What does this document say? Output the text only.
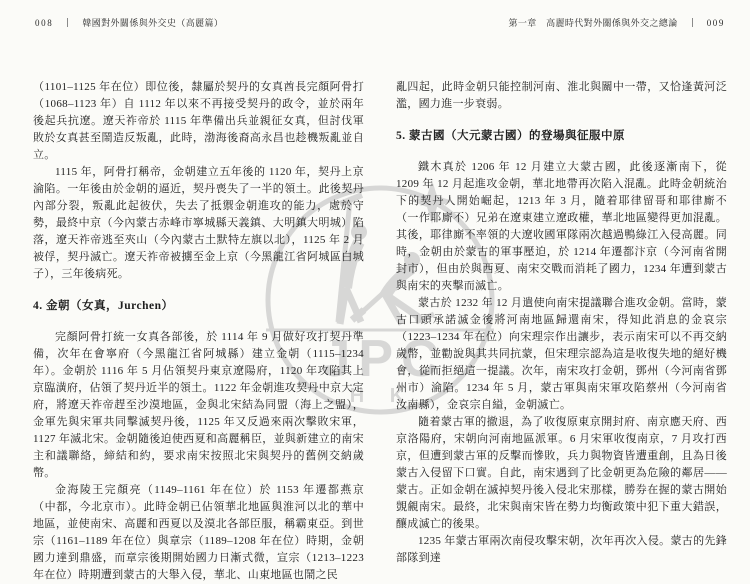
JPC
H K
008	韓國對外關係與外交史（高麗篇）	第一章　高麗時代對外關係與外交之總論	009

（1101–1125 年在位）即位後，隸屬於契丹的女真酋長完顏阿骨打（1068–1123 年）自 1112 年以來不再接受契丹的政令，並於兩年後起兵抗遼。遼天祚帝於 1115 年準備出兵並親征女真，但討伐軍敗於女真甚至鬧造反叛亂，此時，渤海後裔高永昌也趁機叛亂並自立。

1115 年，阿骨打稱帝，金朝建立五年後的 1120 年，契丹上京淪陷。一年後由於金朝的逼近，契丹喪失了一半的領土。此後契丹內部分裂，叛亂此起彼伏，失去了抵禦金朝進攻的能力，處於守勢，最終中京（今內蒙古赤峰市寧城縣天義鎮、大明鎮大明城）陷落，遼天祚帝逃至夾山（今內蒙古土默特左旗以北），1125 年 2 月被俘，契丹滅亡。遼天祚帝被擄至金上京（今黑龍江省阿城區白城子），三年後病死。

4. 金朝（女真，Jurchen）

完顏阿骨打統一女真各部後，於 1114 年 9 月做好攻打契丹準備，次年在會寧府（今黑龍江省阿城縣）建立金朝（1115–1234 年）。金朝於 1116 年 5 月佔領契丹東京遼陽府，1120 年攻陷其上京臨潢府，佔領了契丹近半的領土。1122 年金朝進攻契丹中京大定府，將遼天祚帝趕至沙漠地區，金與北宋結為同盟（海上之盟），金軍先與宋軍共同擊滅契丹後，1125 年又反過來兩次擊敗宋軍，1127 年滅北宋。金朝隨後迫使西夏和高麗稱臣，並與新建立的南宋主和議聯絡，締結和約，要求南宋按照北宋與契丹的舊例交納歲幣。

金海陵王完顏亮（1149–1161 年在位）於 1153 年遷都燕京（中都，今北京市）。此時金朝已佔領華北地區與淮河以北的華中地區，並使南宋、高麗和西夏以及漠北各部臣服，稱霸東亞。到世宗（1161–1189 年在位）與章宗（1189–1208 年在位）時期，金朝國力達到鼎盛，而章宗後期開始國力日漸式微，宣宗（1213–1223 年在位）時期遭到蒙古的大舉入侵，華北、山東地區也鬧之民

亂四起，此時金朝只能控制河南、淮北與關中一帶，又恰逢黃河泛濫，國力進一步衰弱。

5. 蒙古國（大元蒙古國）的登場與征服中原

鐵木真於 1206 年 12 月建立大蒙古國，此後逐漸南下，從 1209 年 12 月起進攻金朝，華北地帶再次陷入混亂。此時金朝統治下的契丹人開始崛起，1213 年 3 月，隨着耶律留哥和耶律廝不（一作耶廝不）兄弟在遼東建立遼政權，華北地區變得更加混亂。其後，耶律廝不率領的大遼收國軍隊兩次越過鴨綠江入侵高麗。同時，金朝由於蒙古的軍事壓迫，於 1214 年遷都汴京（今河南省開封市），但由於與西夏、南宋交戰而消耗了國力，1234 年遭到蒙古與南宋的夾擊而滅亡。

蒙古於 1232 年 12 月遣使向南宋提議聯合進攻金朝。當時，蒙古口頭承諾滅金後將河南地區歸還南宋，得知此消息的金哀宗（1223–1234 年在位）向宋理宗作出讓步，表示南宋可以不再交納歲幣，並勸說與其共同抗蒙，但宋理宗認為這是收復失地的絕好機會，從而拒絕這一提議。次年，南宋攻打金朝，鄧州（今河南省鄧州市）淪陷。1234 年 5 月，蒙古軍與南宋軍攻陷蔡州（今河南省汝南縣），金哀宗自縊，金朝滅亡。

隨着蒙古軍的撤退，為了收復原東京開封府、南京應天府、西京洛陽府，宋朝向河南地區派軍。6 月宋軍收復南京，7 月攻打西京，但遭到蒙古軍的反擊而慘敗，兵力與物資皆遭重創，且為日後蒙古入侵留下口實。自此，南宋遇到了比金朝更為危險的鄰居——蒙古。正如金朝在滅掉契丹後入侵北宋那樣，勝券在握的蒙古開始覬覦南宋。最終，北宋與南宋皆在勢力均衡政策中犯下重大錯誤，釀成滅亡的後果。

1235 年蒙古軍兩次南侵攻擊宋朝，次年再次入侵。蒙古的先鋒部隊到達
